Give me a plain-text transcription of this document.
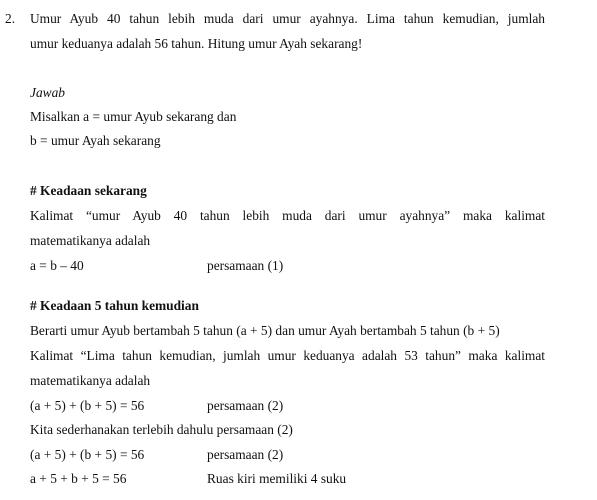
2. Umur Ayub 40 tahun lebih muda dari umur ayahnya. Lima tahun kemudian, jumlah
umur keduanya adalah 56 tahun. Hitung umur Ayah sekarang!
Jawab
Misalkan a = umur Ayub sekarang dan
b = umur Ayah sekarang
# Keadaan sekarang
Kalimat “umur Ayub 40 tahun lebih muda dari umur ayahnya” maka kalimat
matematikanya adalah
a = b – 40	persamaan (1)
# Keadaan 5 tahun kemudian
Berarti umur Ayub bertambah 5 tahun (a + 5) dan umur Ayah bertambah 5 tahun (b + 5)
Kalimat “Lima tahun kemudian, jumlah umur keduanya adalah 53 tahun” maka kalimat
matematikanya adalah
(a + 5) + (b + 5) = 56	persamaan (2)
Kita sederhanakan terlebih dahulu persamaan (2)
(a + 5) + (b + 5) = 56	persamaan (2)
a + 5 + b + 5 = 56	Ruas kiri memiliki 4 suku
